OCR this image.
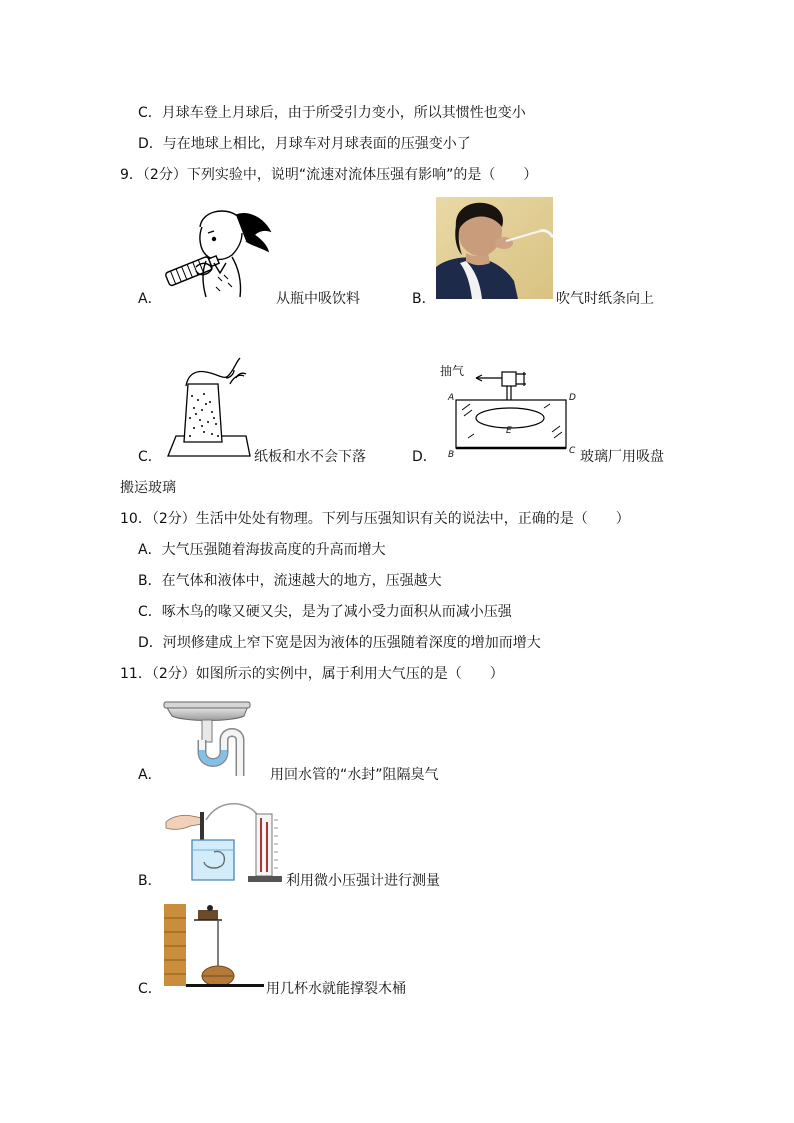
C．月球车登上月球后，由于所受引力变小，所以其惯性也变小
D．与在地球上相比，月球车对月球表面的压强变小了
9．（2分）下列实验中，说明“流速对流体压强有影响”的是（　　）
A．	从瓶中吸饮料	B．	吹气时纸条向上
C．	纸板和水不会下落	D．
抽气
A
B	C
D
E
玻璃厂用吸盘
搬运玻璃
10．（2分）生活中处处有物理。下列与压强知识有关的说法中，正确的是（　　）
A．大气压强随着海拔高度的升高而增大
B．在气体和液体中，流速越大的地方，压强越大
C．啄木鸟的喙又硬又尖，是为了减小受力面积从而减小压强
D．河坝修建成上窄下宽是因为液体的压强随着深度的增加而增大
11．（2分）如图所示的实例中，属于利用大气压的是（　　）
A．	用回水管的“水封”阻隔臭气
B．	利用微小压强计进行测量
C．	用几杯水就能撑裂木桶
